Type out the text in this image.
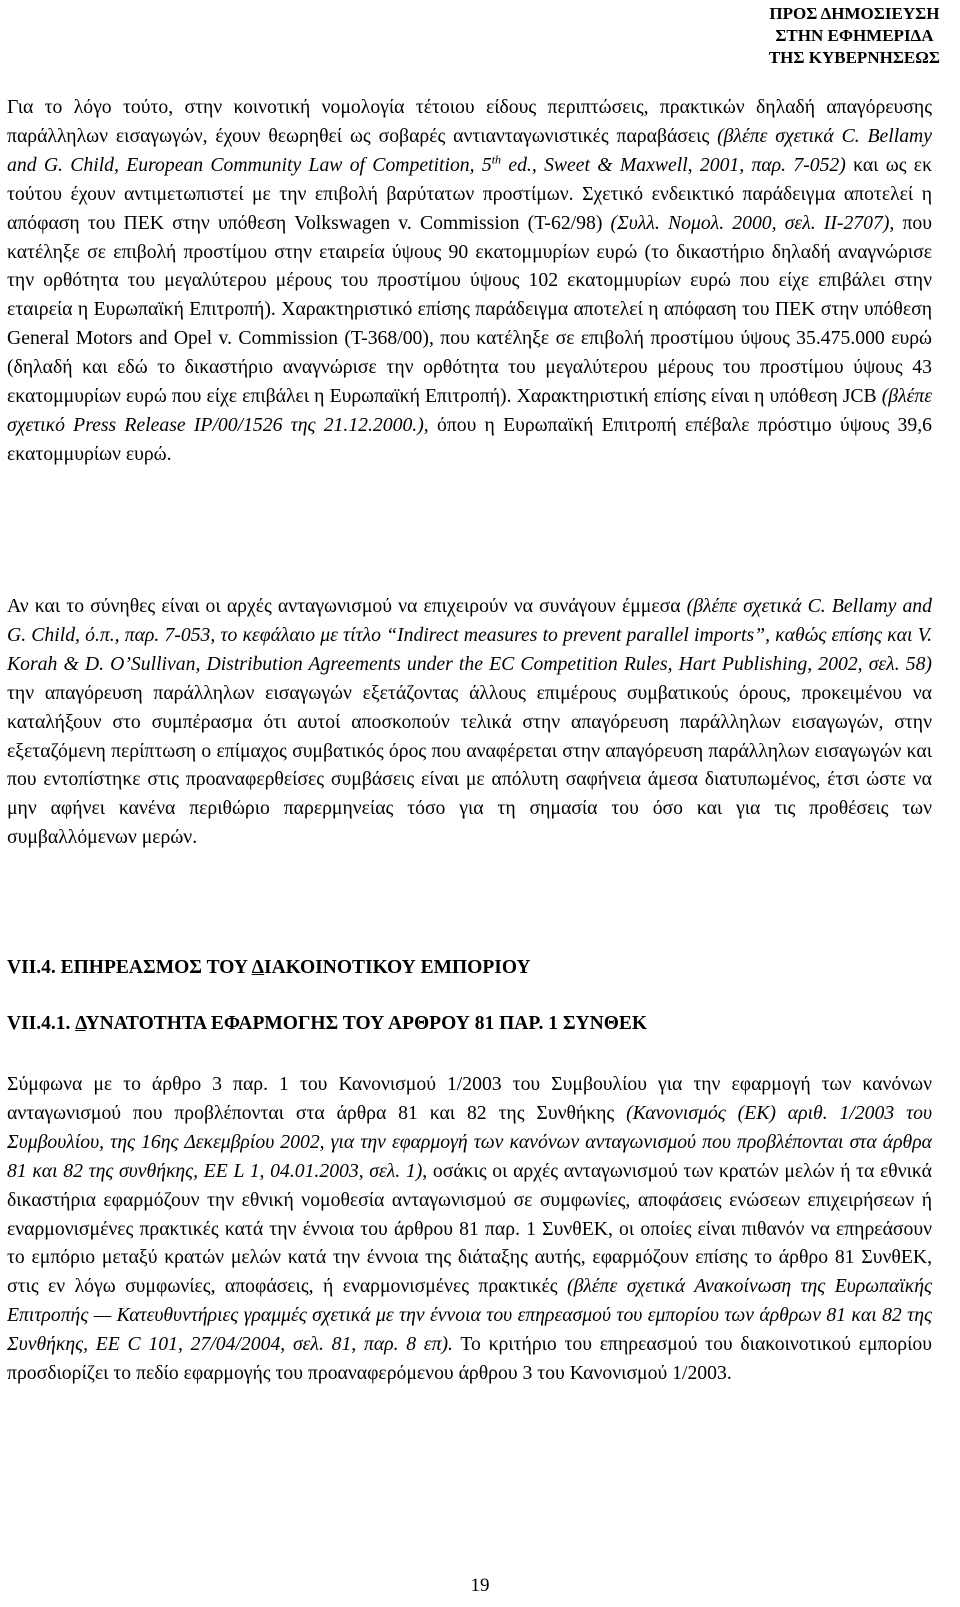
ΠΡΟΣ ΔΗΜΟΣΙΕΥΣΗ
ΣΤΗΝ ΕΦΗΜΕΡΙΔΑ
ΤΗΣ ΚΥΒΕΡΝΗΣΕΩΣ

Για το λόγο τούτο, στην κοινοτική νομολογία τέτοιου είδους περιπτώσεις, πρακτικών δηλαδή απαγόρευσης παράλληλων εισαγωγών, έχουν θεωρηθεί ως σοβαρές αντιανταγωνιστικές παραβάσεις (βλέπε σχετικά C. Bellamy and G. Child, European Community Law of Competition, 5th ed., Sweet & Maxwell, 2001, παρ. 7-052) και ως εκ τούτου έχουν αντιμετωπιστεί με την επιβολή βαρύτατων προστίμων. Σχετικό ενδεικτικό παράδειγμα αποτελεί η απόφαση του ΠΕΚ στην υπόθεση Volkswagen v. Commission (T-62/98) (Συλλ. Νομολ. 2000, σελ. ΙΙ-2707), που κατέληξε σε επιβολή προστίμου στην εταιρεία ύψους 90 εκατομμυρίων ευρώ (το δικαστήριο δηλαδή αναγνώρισε την ορθότητα του μεγαλύτερου μέρους του προστίμου ύψους 102 εκατομμυρίων ευρώ που είχε επιβάλει στην εταιρεία η Ευρωπαϊκή Επιτροπή). Χαρακτηριστικό επίσης παράδειγμα αποτελεί η απόφαση του ΠΕΚ στην υπόθεση General Motors and Opel v. Commission (T-368/00), που κατέληξε σε επιβολή προστίμου ύψους 35.475.000 ευρώ (δηλαδή και εδώ το δικαστήριο αναγνώρισε την ορθότητα του μεγαλύτερου μέρους του προστίμου ύψους 43 εκατομμυρίων ευρώ που είχε επιβάλει η Ευρωπαϊκή Επιτροπή). Χαρακτηριστική επίσης είναι η υπόθεση JCB (βλέπε σχετικό Press Release IP/00/1526 της 21.12.2000.), όπου η Ευρωπαϊκή Επιτροπή επέβαλε πρόστιμο ύψους 39,6 εκατομμυρίων ευρώ.

Αν και το σύνηθες είναι οι αρχές ανταγωνισμού να επιχειρούν να συνάγουν έμμεσα (βλέπε σχετικά C. Bellamy and G. Child, ό.π., παρ. 7-053, το κεφάλαιο με τίτλο “Indirect measures to prevent parallel imports”, καθώς επίσης και V. Korah & D. O’Sullivan, Distribution Agreements under the EC Competition Rules, Hart Publishing, 2002, σελ. 58) την απαγόρευση παράλληλων εισαγωγών εξετάζοντας άλλους επιμέρους συμβατικούς όρους, προκειμένου να καταλήξουν στο συμπέρασμα ότι αυτοί αποσκοπούν τελικά στην απαγόρευση παράλληλων εισαγωγών, στην εξεταζόμενη περίπτωση ο επίμαχος συμβατικός όρος που αναφέρεται στην απαγόρευση παράλληλων εισαγωγών και που εντοπίστηκε στις προαναφερθείσες συμβάσεις είναι με απόλυτη σαφήνεια άμεσα διατυπωμένος, έτσι ώστε να μην αφήνει κανένα περιθώριο παρερμηνείας τόσο για τη σημασία του όσο και για τις προθέσεις των συμβαλλόμενων μερών.

VII.4. ΕΠΗΡΕΑΣΜΟΣ ΤΟΥ ΔΙΑΚΟΙΝΟΤΙΚΟΥ ΕΜΠΟΡΙΟΥ
VII.4.1. ΔΥΝΑΤΟΤΗΤΑ ΕΦΑΡΜΟΓΗΣ ΤΟΥ ΑΡΘΡΟΥ 81 ΠΑΡ. 1 ΣΥΝΘΕΚ

Σύμφωνα με το άρθρο 3 παρ. 1 του Κανονισμού 1/2003 του Συμβουλίου για την εφαρμογή των κανόνων ανταγωνισμού που προβλέπονται στα άρθρα 81 και 82 της Συνθήκης (Κανονισμός (ΕΚ) αριθ. 1/2003 του Συμβουλίου, της 16ης Δεκεμβρίου 2002, για την εφαρμογή των κανόνων ανταγωνισμού που προβλέπονται στα άρθρα 81 και 82 της συνθήκης, ΕΕ L 1, 04.01.2003, σελ. 1), οσάκις οι αρχές ανταγωνισμού των κρατών μελών ή τα εθνικά δικαστήρια εφαρμόζουν την εθνική νομοθεσία ανταγωνισμού σε συμφωνίες, αποφάσεις ενώσεων επιχειρήσεων ή εναρμονισμένες πρακτικές κατά την έννοια του άρθρου 81 παρ. 1 ΣυνθΕΚ, οι οποίες είναι πιθανόν να επηρεάσουν το εμπόριο μεταξύ κρατών μελών κατά την έννοια της διάταξης αυτής, εφαρμόζουν επίσης το άρθρο 81 ΣυνθΕΚ, στις εν λόγω συμφωνίες, αποφάσεις, ή εναρμονισμένες πρακτικές (βλέπε σχετικά Ανακοίνωση της Ευρωπαϊκής Επιτροπής — Κατευθυντήριες γραμμές σχετικά με την έννοια του επηρεασμού του εμπορίου των άρθρων 81 και 82 της Συνθήκης, ΕΕ C 101, 27/04/2004, σελ. 81, παρ. 8 επ). Το κριτήριο του επηρεασμού του διακοινοτικού εμπορίου προσδιορίζει το πεδίο εφαρμογής του προαναφερόμενου άρθρου 3 του Κανονισμού 1/2003.

19
